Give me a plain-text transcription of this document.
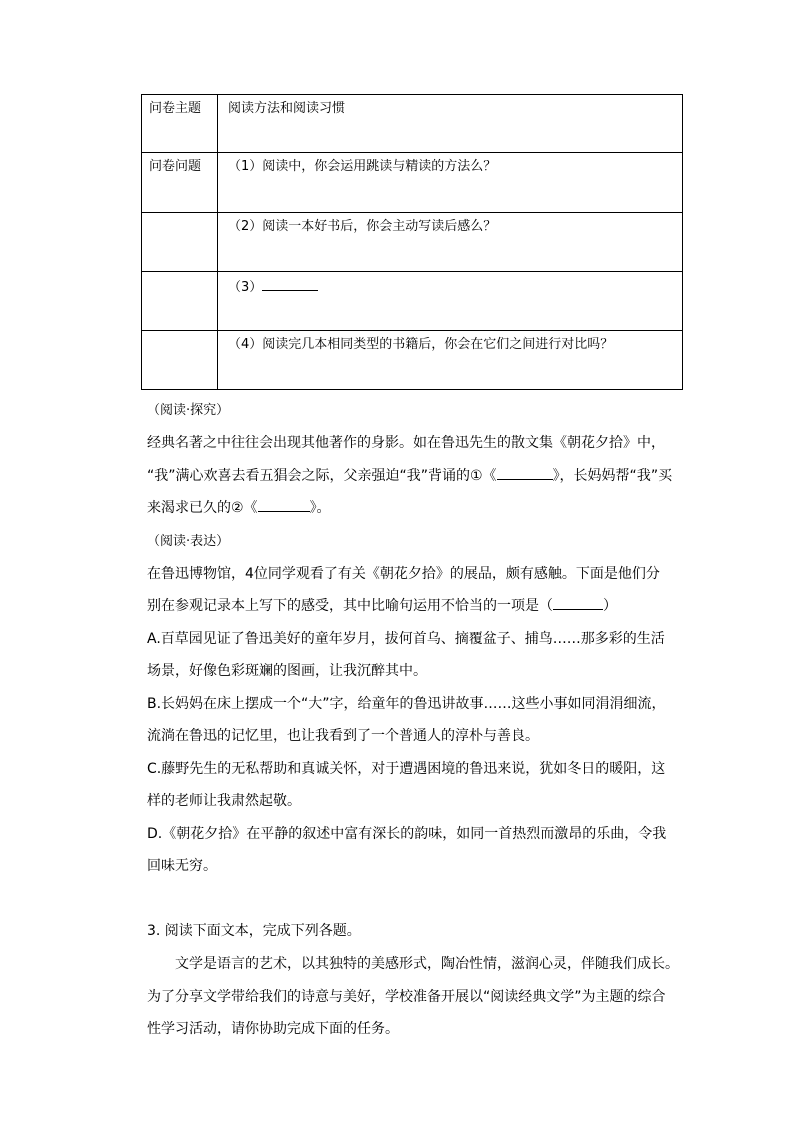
问卷主题	阅读方法和阅读习惯
问卷问题	（1）阅读中，你会运用跳读与精读的方法么？
	（2）阅读一本好书后，你会主动写读后感么？
	（3）
	（4）阅读完几本相同类型的书籍后，你会在它们之间进行对比吗？
（阅读·探究）
经典名著之中往往会出现其他著作的身影。如在鲁迅先生的散文集《朝花夕拾》中，
“我”满心欢喜去看五猖会之际，父亲强迫“我”背诵的①《	》，长妈妈帮“我”买
来渴求已久的②《	》。
（阅读·表达）
在鲁迅博物馆，4位同学观看了有关《朝花夕拾》的展品，颇有感触。下面是他们分
别在参观记录本上写下的感受，其中比喻句运用不恰当的一项是（	）
A.百草园见证了鲁迅美好的童年岁月，拔何首乌、摘覆盆子、捕鸟……那多彩的生活
场景，好像色彩斑斓的图画，让我沉醉其中。
B.长妈妈在床上摆成一个“大”字，给童年的鲁迅讲故事……这些小事如同涓涓细流，
流淌在鲁迅的记忆里，也让我看到了一个普通人的淳朴与善良。
C.藤野先生的无私帮助和真诚关怀，对于遭遇困境的鲁迅来说，犹如冬日的暖阳，这
样的老师让我肃然起敬。
D.《朝花夕拾》在平静的叙述中富有深长的韵味，如同一首热烈而激昂的乐曲，令我
回味无穷。
3. 阅读下面文本，完成下列各题。
　　文学是语言的艺术，以其独特的美感形式，陶冶性情，滋润心灵，伴随我们成长。
为了分享文学带给我们的诗意与美好，学校准备开展以“阅读经典文学”为主题的综合
性学习活动，请你协助完成下面的任务。
